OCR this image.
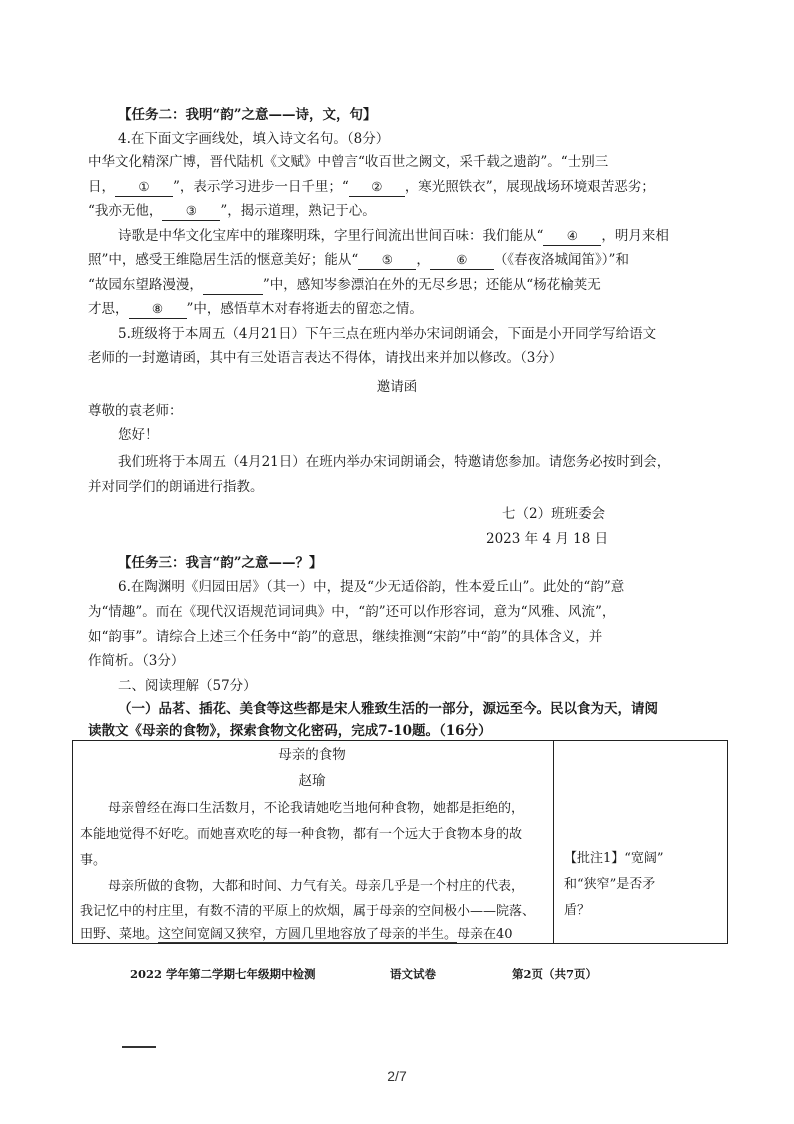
【任务二：我明“韵”之意——诗，文，句】
4.在下面文字画线处，填入诗文名句。（8分）
中华文化精深广博，晋代陆机《文赋》中曾言“收百世之阙文，采千载之遗韵”。“士别三
日， ① ”，表示学习进步一日千里；“ ② ，寒光照铁衣”，展现战场环境艰苦恶劣；
“我亦无他， ③ ”，揭示道理，熟记于心。
诗歌是中华文化宝库中的璀璨明珠，字里行间流出世间百味：我们能从“ ④ ，明月来相
照”中，感受王维隐居生活的惬意美好；能从“ ⑤ ， ⑥ （《春夜洛城闻笛》）”和
“故园东望路漫漫，	”中，感知岑参漂泊在外的无尽乡思；还能从“杨花榆荚无
才思， ⑧ ”中，感悟草木对春将逝去的留恋之情。
5.班级将于本周五（4月21日）下午三点在班内举办宋词朗诵会，下面是小开同学写给语文
老师的一封邀请函，其中有三处语言表达不得体，请找出来并加以修改。（3分）
邀请函
尊敬的袁老师：
您好！
我们班将于本周五（4月21日）在班内举办宋词朗诵会，特邀请您参加。请您务必按时到会，
并对同学们的朗诵进行指教。
七（2）班班委会
2023 年 4 月 18 日
【任务三：我言“韵”之意——？】
6.在陶渊明《归园田居》（其一）中，提及“少无适俗韵，性本爱丘山”。此处的“韵”意
为“情趣”。而在《现代汉语规范词词典》中，“韵”还可以作形容词，意为“风雅、风流”，
如“韵事”。请综合上述三个任务中“韵”的意思，继续推测“宋韵”中“韵”的具体含义，并
作简析。（3分）
二、阅读理解（57分）
（一）品茗、插花、美食等这些都是宋人雅致生活的一部分，源远至今。民以食为天，请阅
读散文《母亲的食物》，探索食物文化密码，完成7-10题。（16分）
母亲的食物
赵瑜
母亲曾经在海口生活数月，不论我请她吃当地何种食物，她都是拒绝的，
本能地觉得不好吃。而她喜欢吃的每一种食物，都有一个远大于食物本身的故
事。
母亲所做的食物，大都和时间、力气有关。母亲几乎是一个村庄的代表，
我记忆中的村庄里，有数不清的平原上的炊烟，属于母亲的空间极小——院落、
田野、菜地。这空间宽阔又狭窄，方圆几里地容放了母亲的半生。母亲在40
【批注1】“宽阔”
和“狭窄”是否矛
盾？
2022 学年第二学期七年级期中检测	语文试卷	第2页（共7页）
2/7
